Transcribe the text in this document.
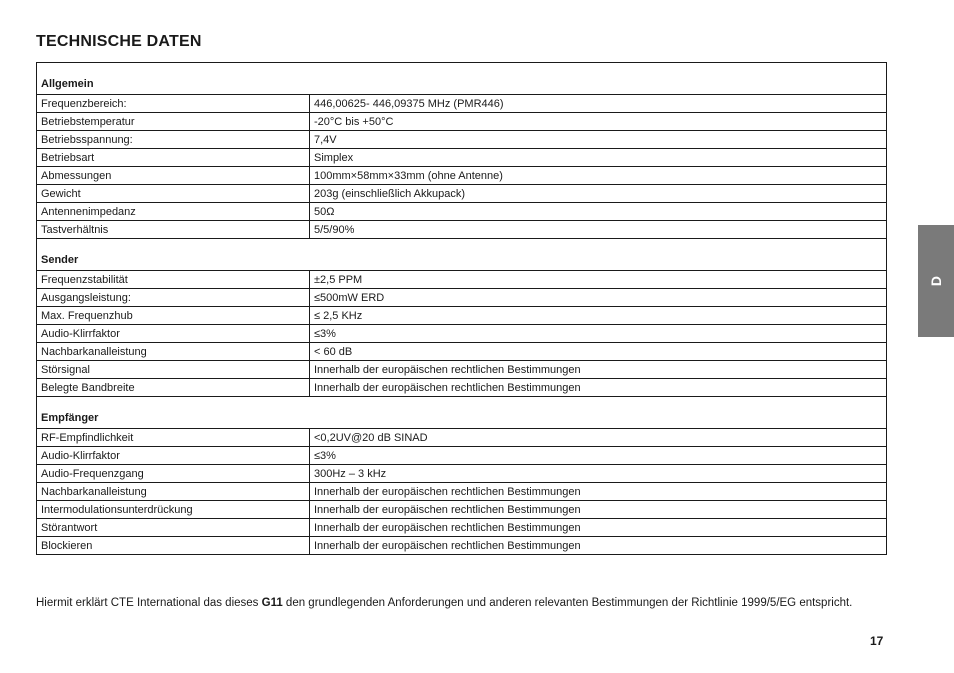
TECHNISCHE DATEN
Allgemein	
Frequenzbereich:	446,00625- 446,09375 MHz (PMR446)
Betriebstemperatur	-20°C bis +50°C
Betriebsspannung:	7,4V
Betriebsart	Simplex
Abmessungen	100mm×58mm×33mm (ohne Antenne)
Gewicht	203g (einschließlich Akkupack)
Antennenimpedanz	50Ω
Tastverhältnis	5/5/90%
Sender	
Frequenzstabilität	±2,5 PPM
Ausgangsleistung:	≤500mW ERD
Max. Frequenzhub	≤ 2,5 KHz
Audio-Klirrfaktor	≤3%
Nachbarkanalleistung	< 60 dB
Störsignal	Innerhalb der europäischen rechtlichen Bestimmungen
Belegte Bandbreite	Innerhalb der europäischen rechtlichen Bestimmungen
Empfänger	
RF-Empfindlichkeit	<0,2UV@20 dB SINAD
Audio-Klirrfaktor	≤3%
Audio-Frequenzgang	300Hz – 3 kHz
Nachbarkanalleistung	Innerhalb der europäischen rechtlichen Bestimmungen
Intermodulationsunterdrückung	Innerhalb der europäischen rechtlichen Bestimmungen
Störantwort	Innerhalb der europäischen rechtlichen Bestimmungen
Blockieren	Innerhalb der europäischen rechtlichen Bestimmungen
D
Hiermit erklärt CTE International das dieses G11 den grundlegenden Anforderungen und anderen relevanten Bestimmungen der Richtlinie 1999/5/EG entspricht.
17
